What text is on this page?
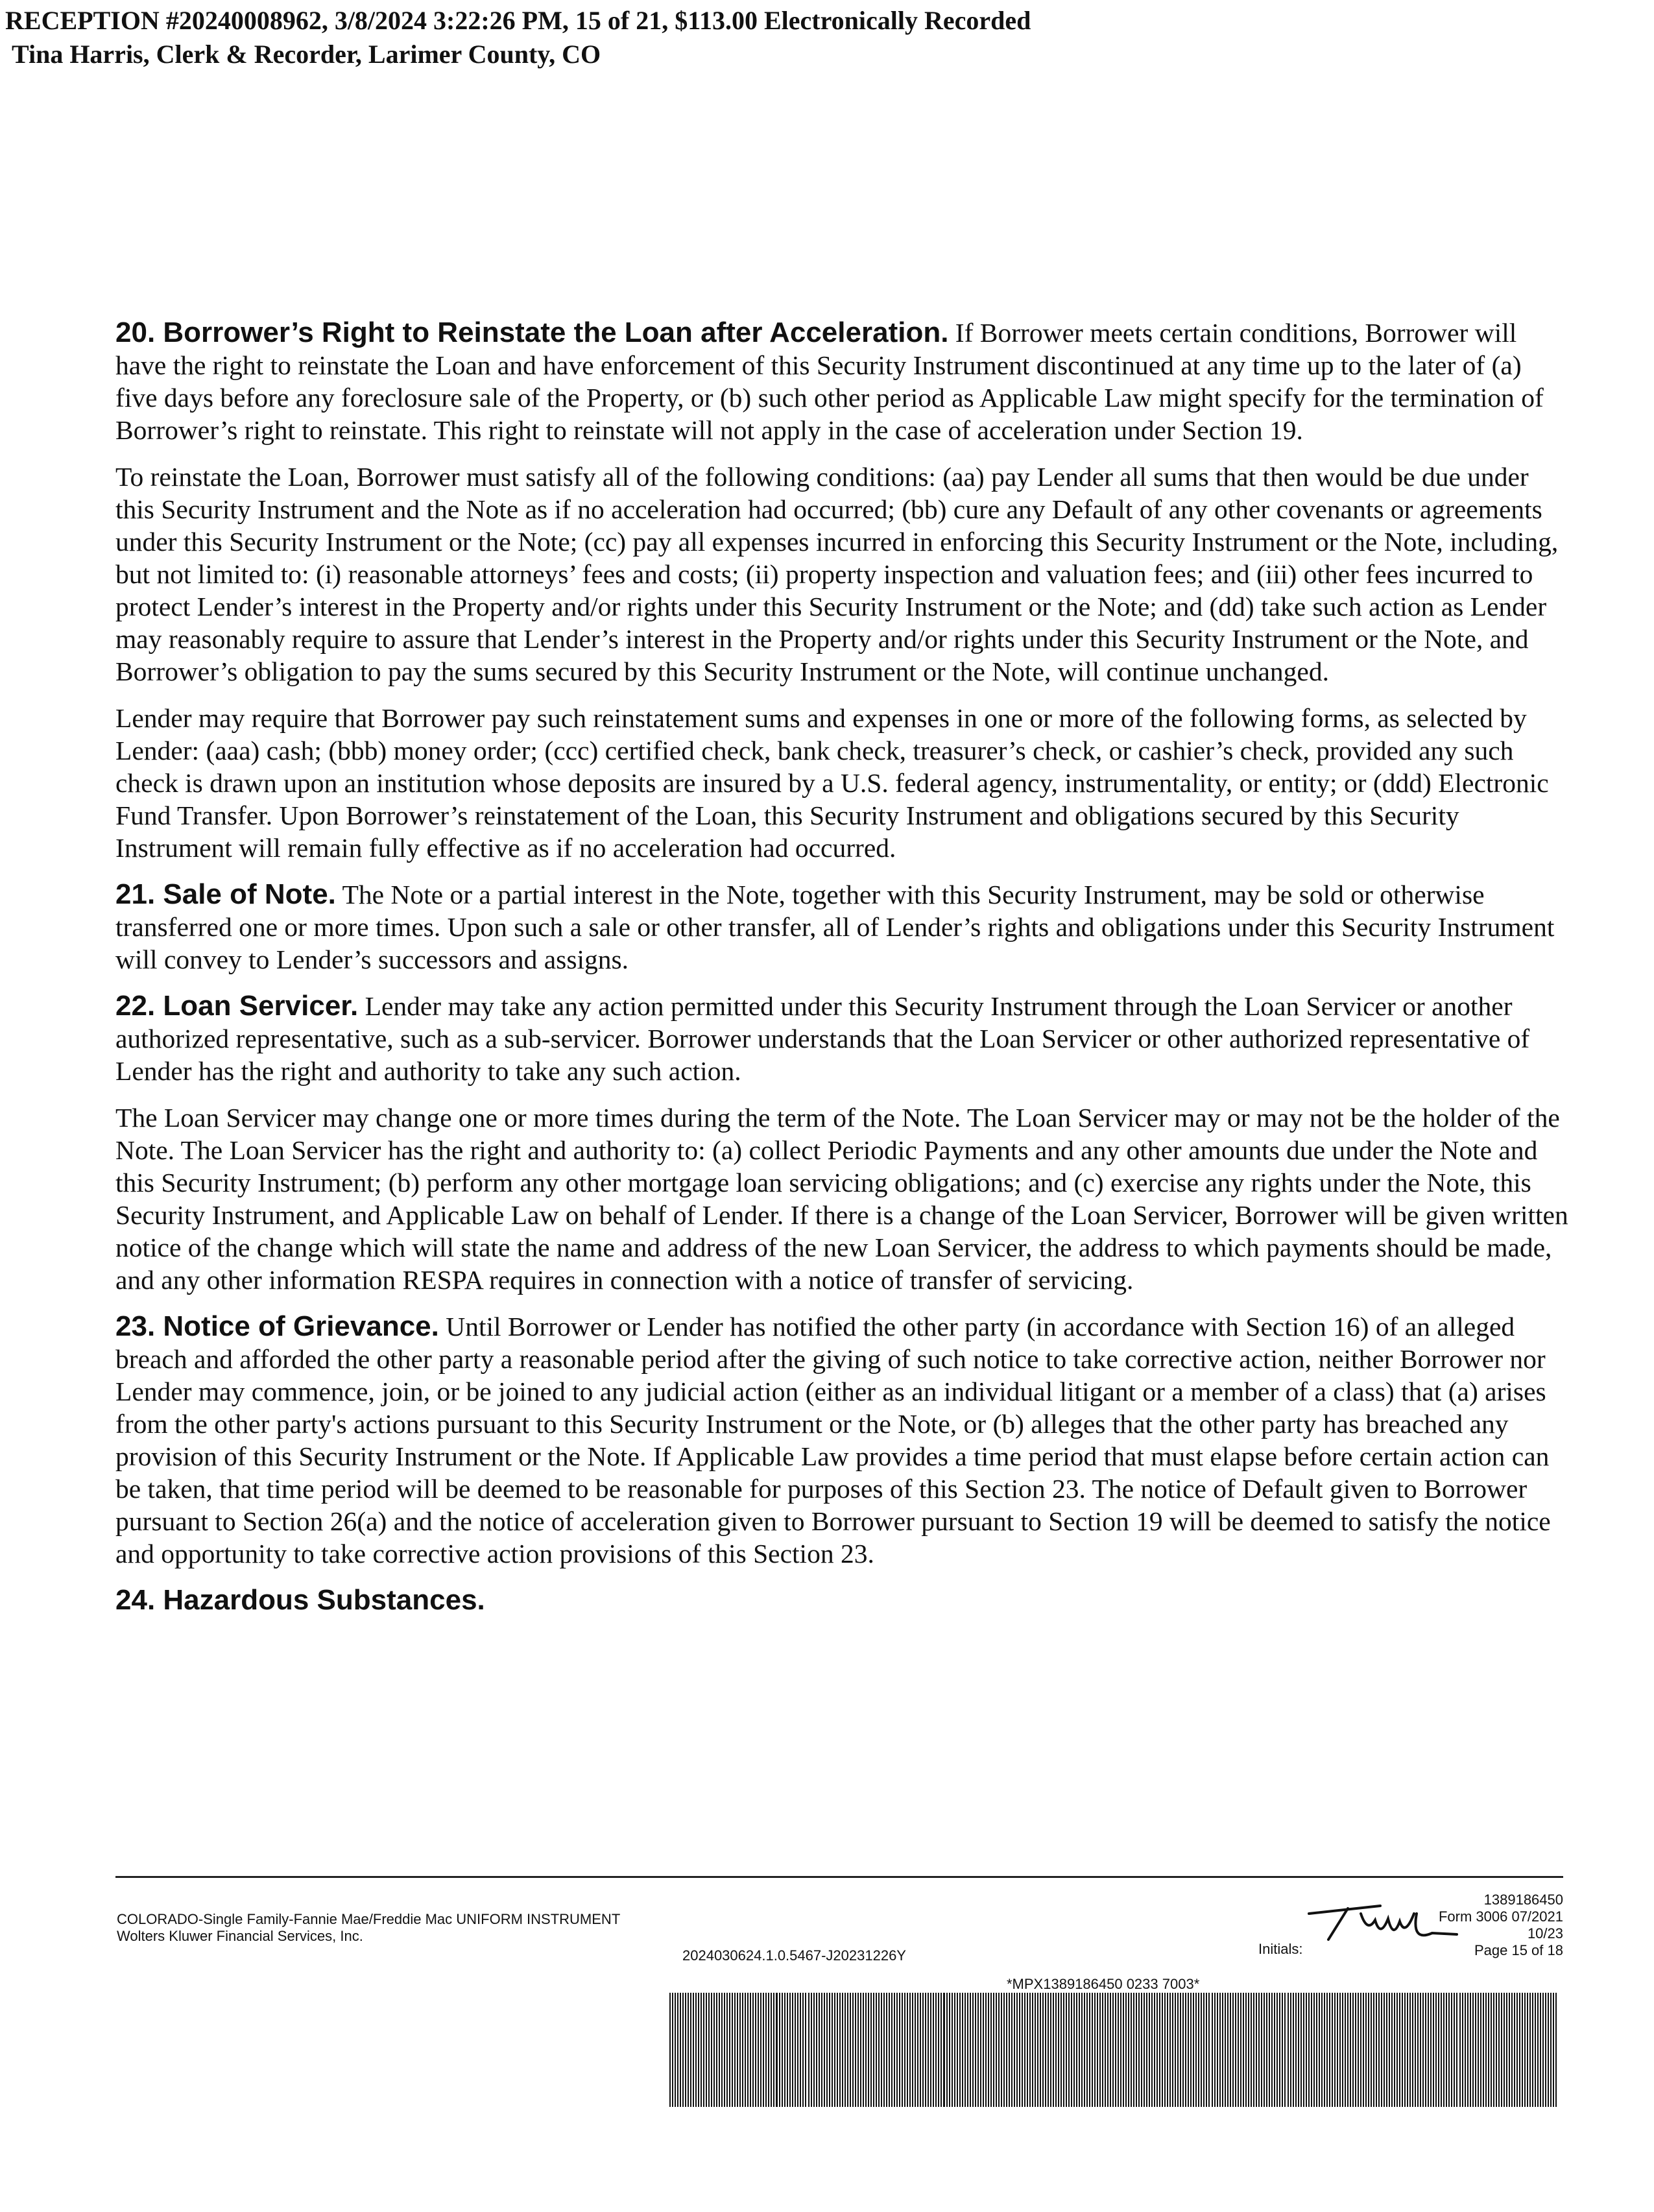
RECEPTION #20240008962, 3/8/2024 3:22:26 PM, 15 of 21, $113.00 Electronically Recorded
Tina Harris, Clerk & Recorder, Larimer County, CO

20. Borrower’s Right to Reinstate the Loan after Acceleration. If Borrower meets certain conditions, Borrower will have the right to reinstate the Loan and have enforcement of this Security Instrument discontinued at any time up to the later of (a) five days before any foreclosure sale of the Property, or (b) such other period as Applicable Law might specify for the termination of Borrower’s right to reinstate. This right to reinstate will not apply in the case of acceleration under Section 19.

To reinstate the Loan, Borrower must satisfy all of the following conditions: (aa) pay Lender all sums that then would be due under this Security Instrument and the Note as if no acceleration had occurred; (bb) cure any Default of any other covenants or agreements under this Security Instrument or the Note; (cc) pay all expenses incurred in enforcing this Security Instrument or the Note, including, but not limited to: (i) reasonable attorneys’ fees and costs; (ii) property inspection and valuation fees; and (iii) other fees incurred to protect Lender’s interest in the Property and/or rights under this Security Instrument or the Note; and (dd) take such action as Lender may reasonably require to assure that Lender’s interest in the Property and/or rights under this Security Instrument or the Note, and Borrower’s obligation to pay the sums secured by this Security Instrument or the Note, will continue unchanged.

Lender may require that Borrower pay such reinstatement sums and expenses in one or more of the following forms, as selected by Lender: (aaa) cash; (bbb) money order; (ccc) certified check, bank check, treasurer’s check, or cashier’s check, provided any such check is drawn upon an institution whose deposits are insured by a U.S. federal agency, instrumentality, or entity; or (ddd) Electronic Fund Transfer. Upon Borrower’s reinstatement of the Loan, this Security Instrument and obligations secured by this Security Instrument will remain fully effective as if no acceleration had occurred.

21. Sale of Note. The Note or a partial interest in the Note, together with this Security Instrument, may be sold or otherwise transferred one or more times. Upon such a sale or other transfer, all of Lender’s rights and obligations under this Security Instrument will convey to Lender’s successors and assigns.

22. Loan Servicer. Lender may take any action permitted under this Security Instrument through the Loan Servicer or another authorized representative, such as a sub-servicer. Borrower understands that the Loan Servicer or other authorized representative of Lender has the right and authority to take any such action.

The Loan Servicer may change one or more times during the term of the Note. The Loan Servicer may or may not be the holder of the Note. The Loan Servicer has the right and authority to: (a) collect Periodic Payments and any other amounts due under the Note and this Security Instrument; (b) perform any other mortgage loan servicing obligations; and (c) exercise any rights under the Note, this Security Instrument, and Applicable Law on behalf of Lender. If there is a change of the Loan Servicer, Borrower will be given written notice of the change which will state the name and address of the new Loan Servicer, the address to which payments should be made, and any other information RESPA requires in connection with a notice of transfer of servicing.

23. Notice of Grievance. Until Borrower or Lender has notified the other party (in accordance with Section 16) of an alleged breach and afforded the other party a reasonable period after the giving of such notice to take corrective action, neither Borrower nor Lender may commence, join, or be joined to any judicial action (either as an individual litigant or a member of a class) that (a) arises from the other party's actions pursuant to this Security Instrument or the Note, or (b) alleges that the other party has breached any provision of this Security Instrument or the Note. If Applicable Law provides a time period that must elapse before certain action can be taken, that time period will be deemed to be reasonable for purposes of this Section 23. The notice of Default given to Borrower pursuant to Section 26(a) and the notice of acceleration given to Borrower pursuant to Section 19 will be deemed to satisfy the notice and opportunity to take corrective action provisions of this Section 23.

24. Hazardous Substances.
COLORADO-Single Family-Fannie Mae/Freddie Mac UNIFORM INSTRUMENT
Wolters Kluwer Financial Services, Inc.
2024030624.1.0.5467-J20231226Y	Initials:
1389186450
Form 3006 07/2021
10/23
Page 15 of 18
*MPX1389186450 0233 7003*
